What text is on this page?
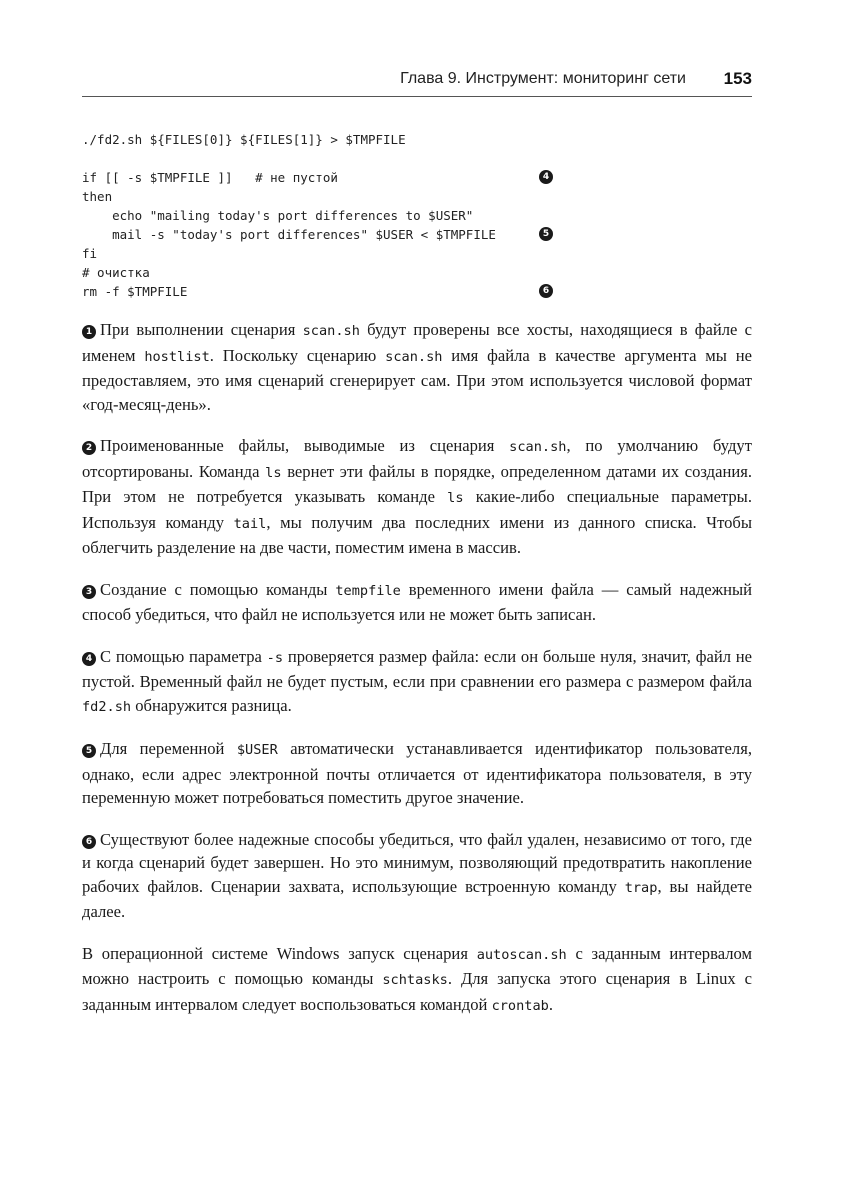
Глава 9. Инструмент: мониторинг сети 153
./fd2.sh ${FILES[0]} ${FILES[1]} > $TMPFILE
if [[ -s $TMPFILE ]]   # не пустой	4
then
echo "mailing today's port differences to $USER"
mail -s "today's port differences" $USER < $TMPFILE	5
fi
# очистка
rm -f $TMPFILE	6

1 При выполнении сценария scan.sh будут проверены все хосты, находящиеся в файле с именем hostlist. Поскольку сценарию scan.sh имя файла в качестве аргумента мы не предоставляем, это имя сценарий сгенерирует сам. При этом используется числовой формат «год-месяц-день».

2 Проименованные файлы, выводимые из сценария scan.sh, по умолчанию будут отсортированы. Команда ls вернет эти файлы в порядке, определенном датами их создания. При этом не потребуется указывать команде ls какие-либо специальные параметры. Используя команду tail, мы получим два последних имени из данного списка. Чтобы облегчить разделение на две части, поместим имена в массив.

3 Создание с помощью команды tempfile временного имени файла — самый надежный способ убедиться, что файл не используется или не может быть записан.

4 С помощью параметра -s проверяется размер файла: если он больше нуля, значит, файл не пустой. Временный файл не будет пустым, если при сравнении его размера с размером файла fd2.sh обнаружится разница.

5 Для переменной $USER автоматически устанавливается идентификатор пользователя, однако, если адрес электронной почты отличается от идентификатора пользователя, в эту переменную может потребоваться поместить другое значение.

6 Существуют более надежные способы убедиться, что файл удален, независимо от того, где и когда сценарий будет завершен. Но это минимум, позволяющий предотвратить накопление рабочих файлов. Сценарии захвата, использующие встроенную команду trap, вы найдете далее.

В операционной системе Windows запуск сценария autoscan.sh с заданным интервалом можно настроить с помощью команды schtasks. Для запуска этого сценария в Linux с заданным интервалом следует воспользоваться командой crontab.
